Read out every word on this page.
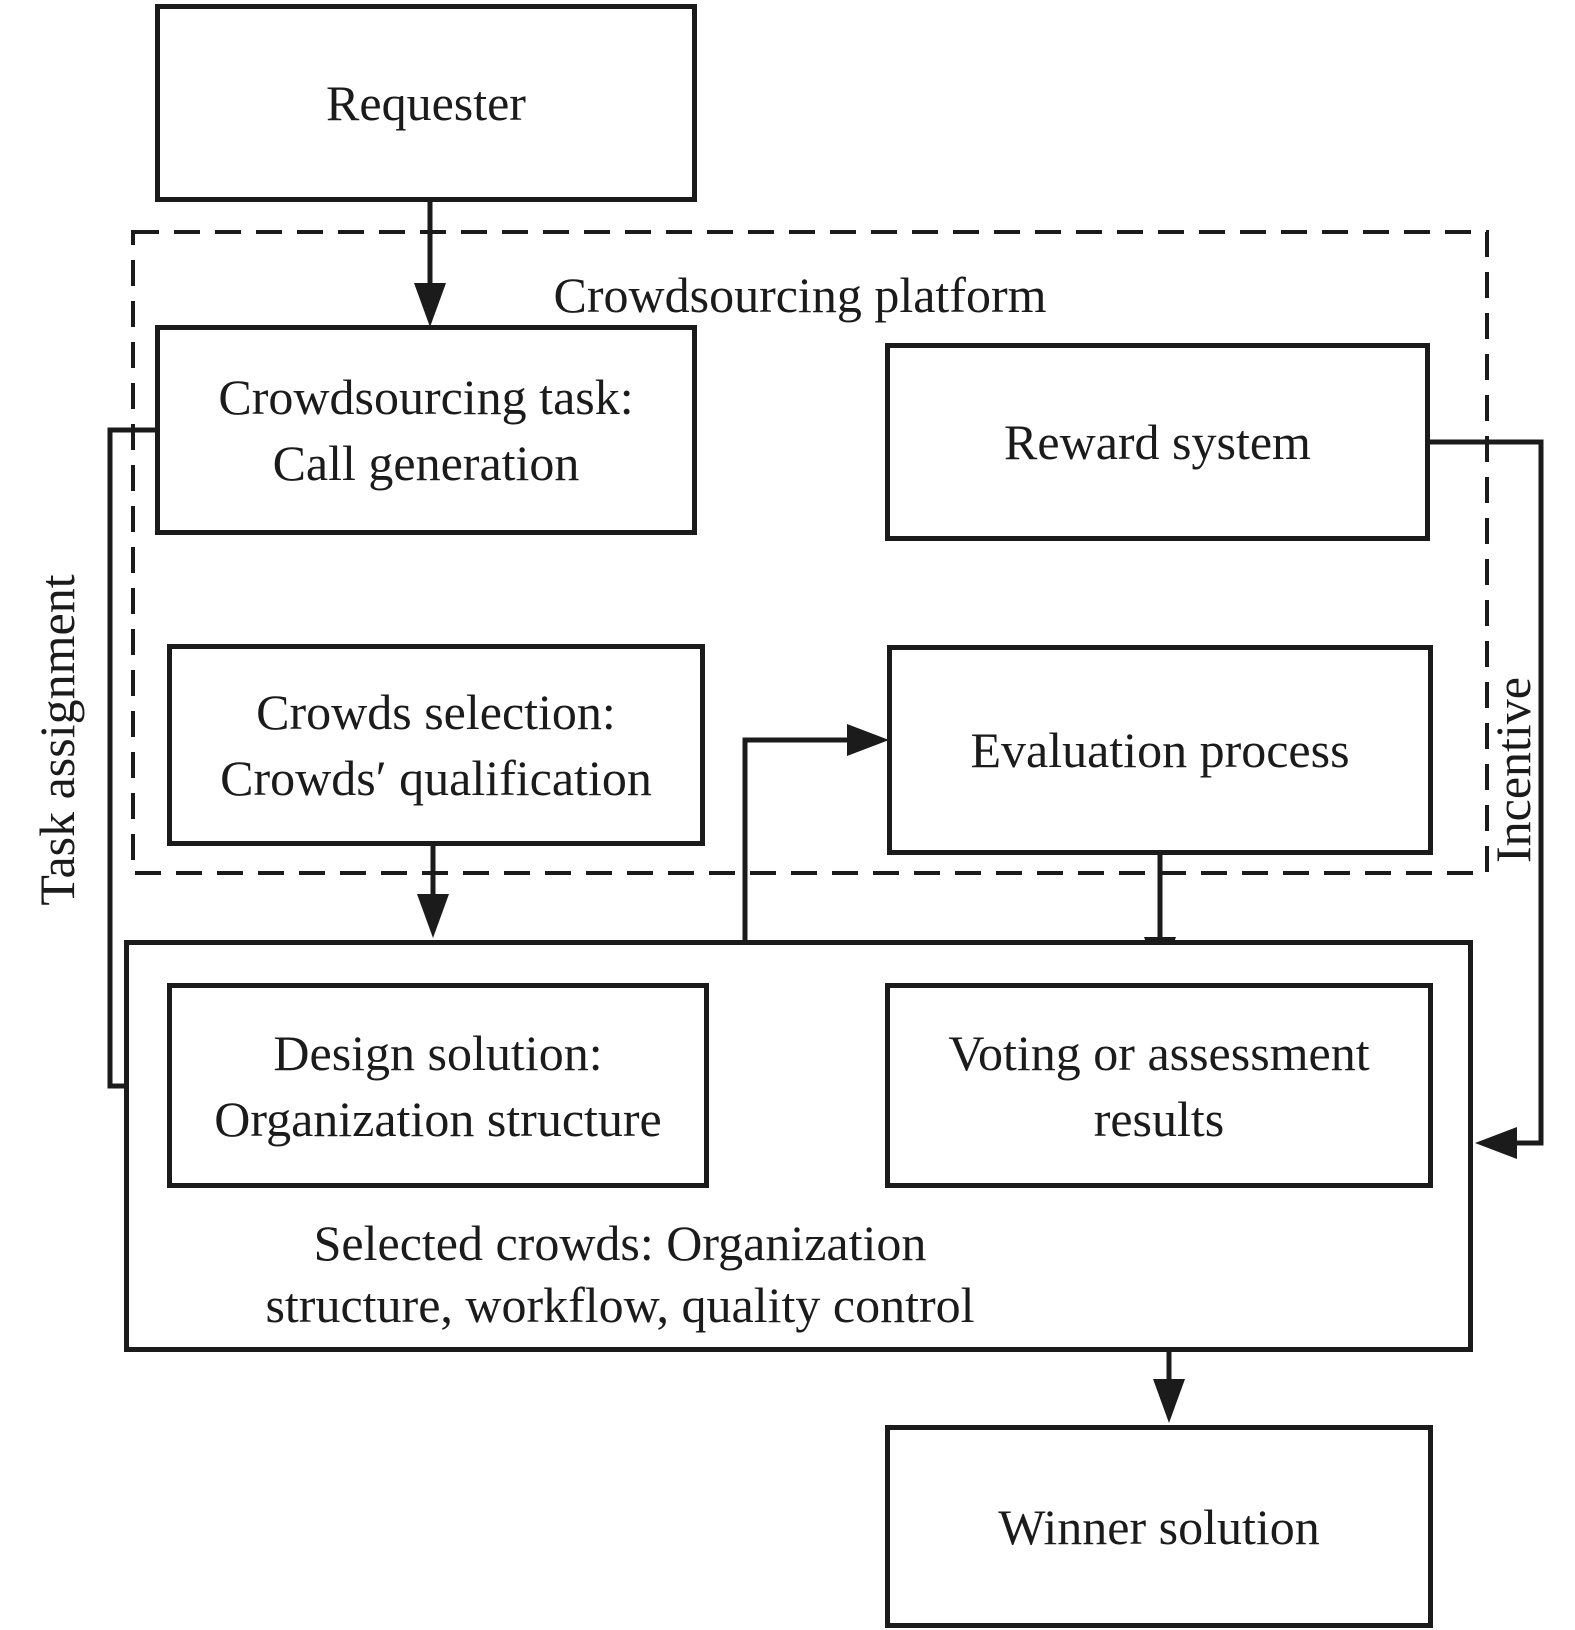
Crowdsourcing platform
Requester
Crowdsourcing task:
Call generation	Reward system
Crowds selection:
Crowds′ qualification	Evaluation process
Design solution:
Organization structure
Voting or assessment
results
Selected crowds: Organization
structure, workflow, quality control
Winner solution
Task assignment	Incentive
